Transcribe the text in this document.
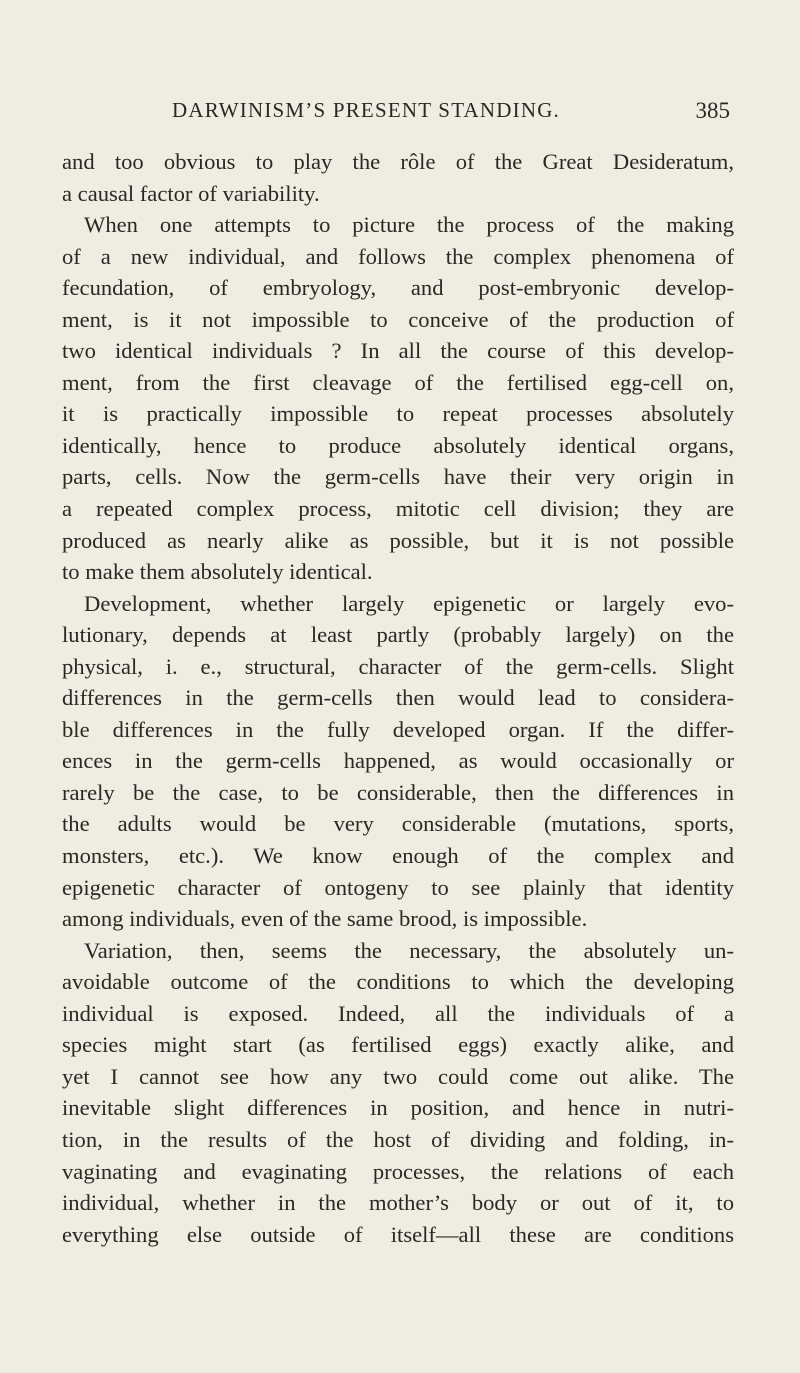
DARWINISM’S PRESENT STANDING.	385
and too obvious to play the rôle of the Great Desideratum,
a causal factor of variability.
When one attempts to picture the process of the making
of a new individual, and follows the complex phenomena of
fecundation, of embryology, and post-embryonic develop-
ment, is it not impossible to conceive of the production of
two identical individuals ? In all the course of this develop-
ment, from the first cleavage of the fertilised egg-cell on,
it is practically impossible to repeat processes absolutely
identically, hence to produce absolutely identical organs,
parts, cells. Now the germ-cells have their very origin in
a repeated complex process, mitotic cell division; they are
produced as nearly alike as possible, but it is not possible
to make them absolutely identical.
Development, whether largely epigenetic or largely evo-
lutionary, depends at least partly (probably largely) on the
physical, i. e., structural, character of the germ-cells. Slight
differences in the germ-cells then would lead to considera-
ble differences in the fully developed organ. If the differ-
ences in the germ-cells happened, as would occasionally or
rarely be the case, to be considerable, then the differences in
the adults would be very considerable (mutations, sports,
monsters, etc.). We know enough of the complex and
epigenetic character of ontogeny to see plainly that identity
among individuals, even of the same brood, is impossible.
Variation, then, seems the necessary, the absolutely un-
avoidable outcome of the conditions to which the developing
individual is exposed. Indeed, all the individuals of a
species might start (as fertilised eggs) exactly alike, and
yet I cannot see how any two could come out alike. The
inevitable slight differences in position, and hence in nutri-
tion, in the results of the host of dividing and folding, in-
vaginating and evaginating processes, the relations of each
individual, whether in the mother’s body or out of it, to
everything else outside of itself—all these are conditions
